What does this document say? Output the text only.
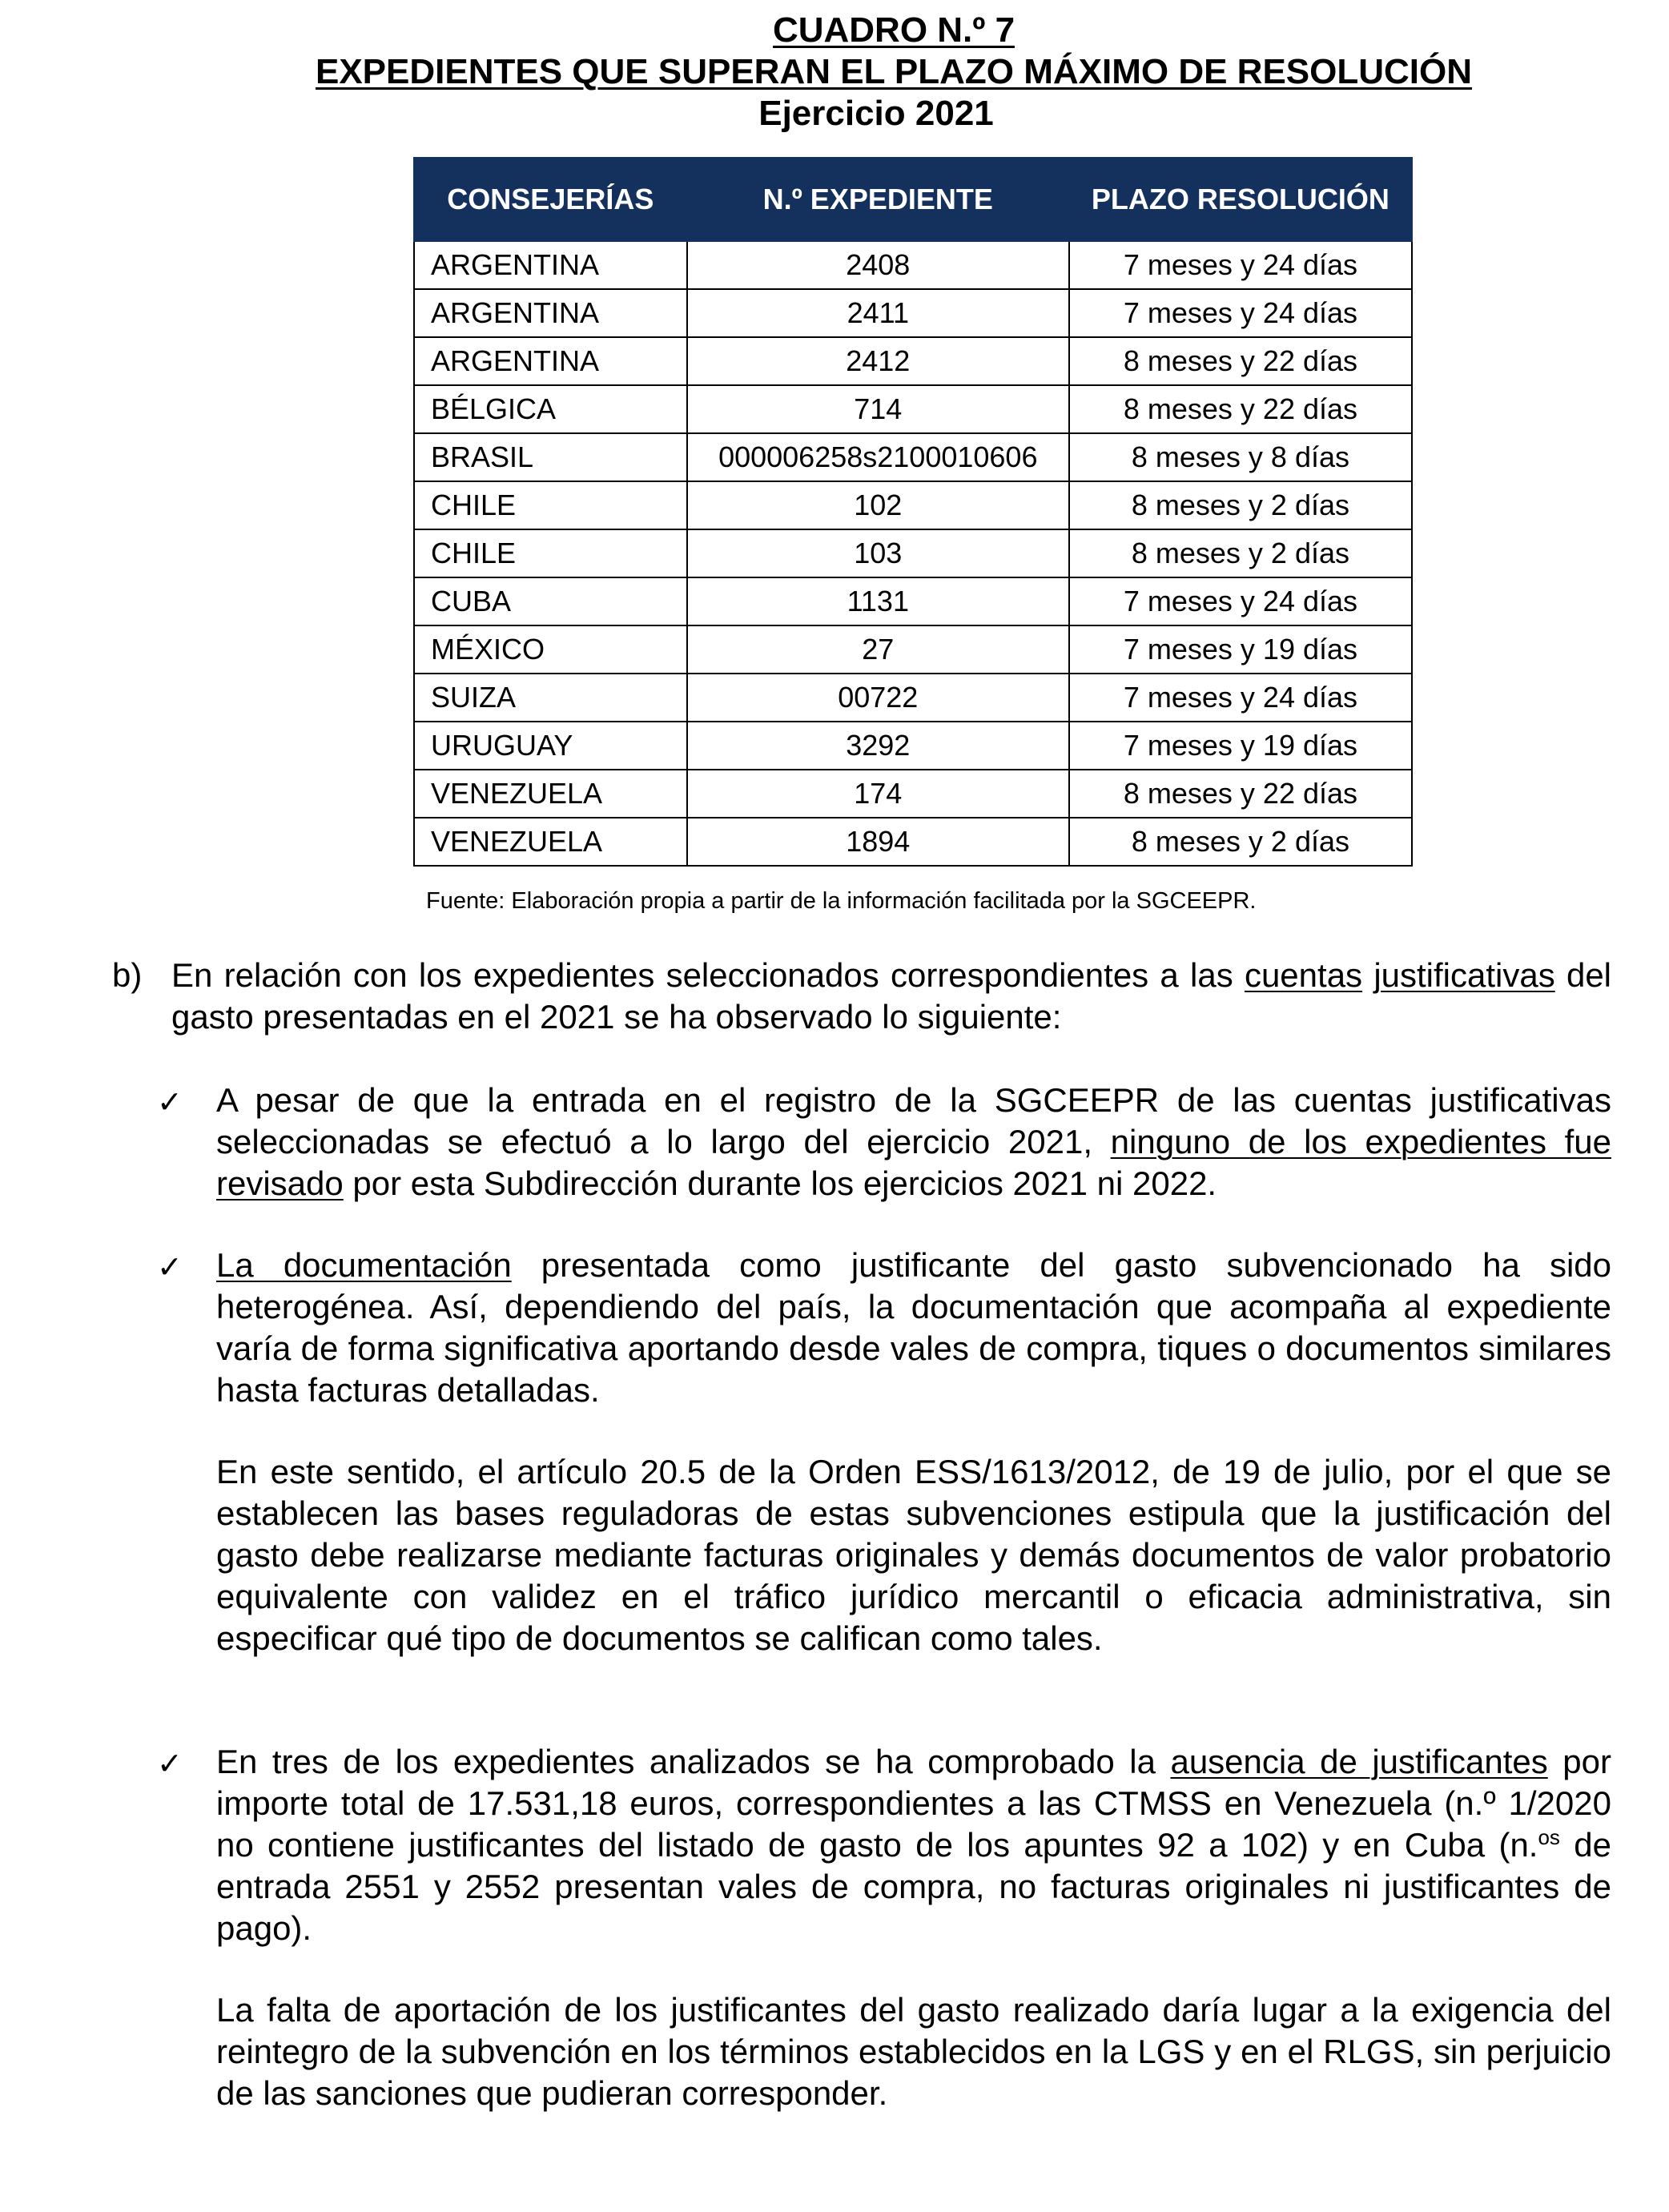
CUADRO N.º 7
EXPEDIENTES QUE SUPERAN EL PLAZO MÁXIMO DE RESOLUCIÓN
Ejercicio 2021
CONSEJERÍAS	N.º EXPEDIENTE	PLAZO RESOLUCIÓN
ARGENTINA	2408	7 meses y 24 días
ARGENTINA	2411	7 meses y 24 días
ARGENTINA	2412	8 meses y 22 días
BÉLGICA	714	8 meses y 22 días
BRASIL	000006258s2100010606	8 meses y 8 días
CHILE	102	8 meses y 2 días
CHILE	103	8 meses y 2 días
CUBA	1131	7 meses y 24 días
MÉXICO	27	7 meses y 19 días
SUIZA	00722	7 meses y 24 días
URUGUAY	3292	7 meses y 19 días
VENEZUELA	174	8 meses y 22 días
VENEZUELA	1894	8 meses y 2 días
Fuente: Elaboración propia a partir de la información facilitada por la SGCEEPR.
b) En relación con los expedientes seleccionados correspondientes a las cuentas justificativas del gasto presentadas en el 2021 se ha observado lo siguiente:
✓ A pesar de que la entrada en el registro de la SGCEEPR de las cuentas justificativas seleccionadas se efectuó a lo largo del ejercicio 2021, ninguno de los expedientes fue revisado por esta Subdirección durante los ejercicios 2021 ni 2022.
✓ La documentación presentada como justificante del gasto subvencionado ha sido heterogénea. Así, dependiendo del país, la documentación que acompaña al expediente varía de forma significativa aportando desde vales de compra, tiques o documentos similares hasta facturas detalladas.
En este sentido, el artículo 20.5 de la Orden ESS/1613/2012, de 19 de julio, por el que se establecen las bases reguladoras de estas subvenciones estipula que la justificación del gasto debe realizarse mediante facturas originales y demás documentos de valor probatorio equivalente con validez en el tráfico jurídico mercantil o eficacia administrativa, sin especificar qué tipo de documentos se califican como tales.
✓ En tres de los expedientes analizados se ha comprobado la ausencia de justificantes por importe total de 17.531,18 euros, correspondientes a las CTMSS en Venezuela (n.º 1/2020 no contiene justificantes del listado de gasto de los apuntes 92 a 102) y en Cuba (n.$^{os}$ de entrada 2551 y 2552 presentan vales de compra, no facturas originales ni justificantes de pago).
La falta de aportación de los justificantes del gasto realizado daría lugar a la exigencia del reintegro de la subvención en los términos establecidos en la LGS y en el RLGS, sin perjuicio de las sanciones que pudieran corresponder.
